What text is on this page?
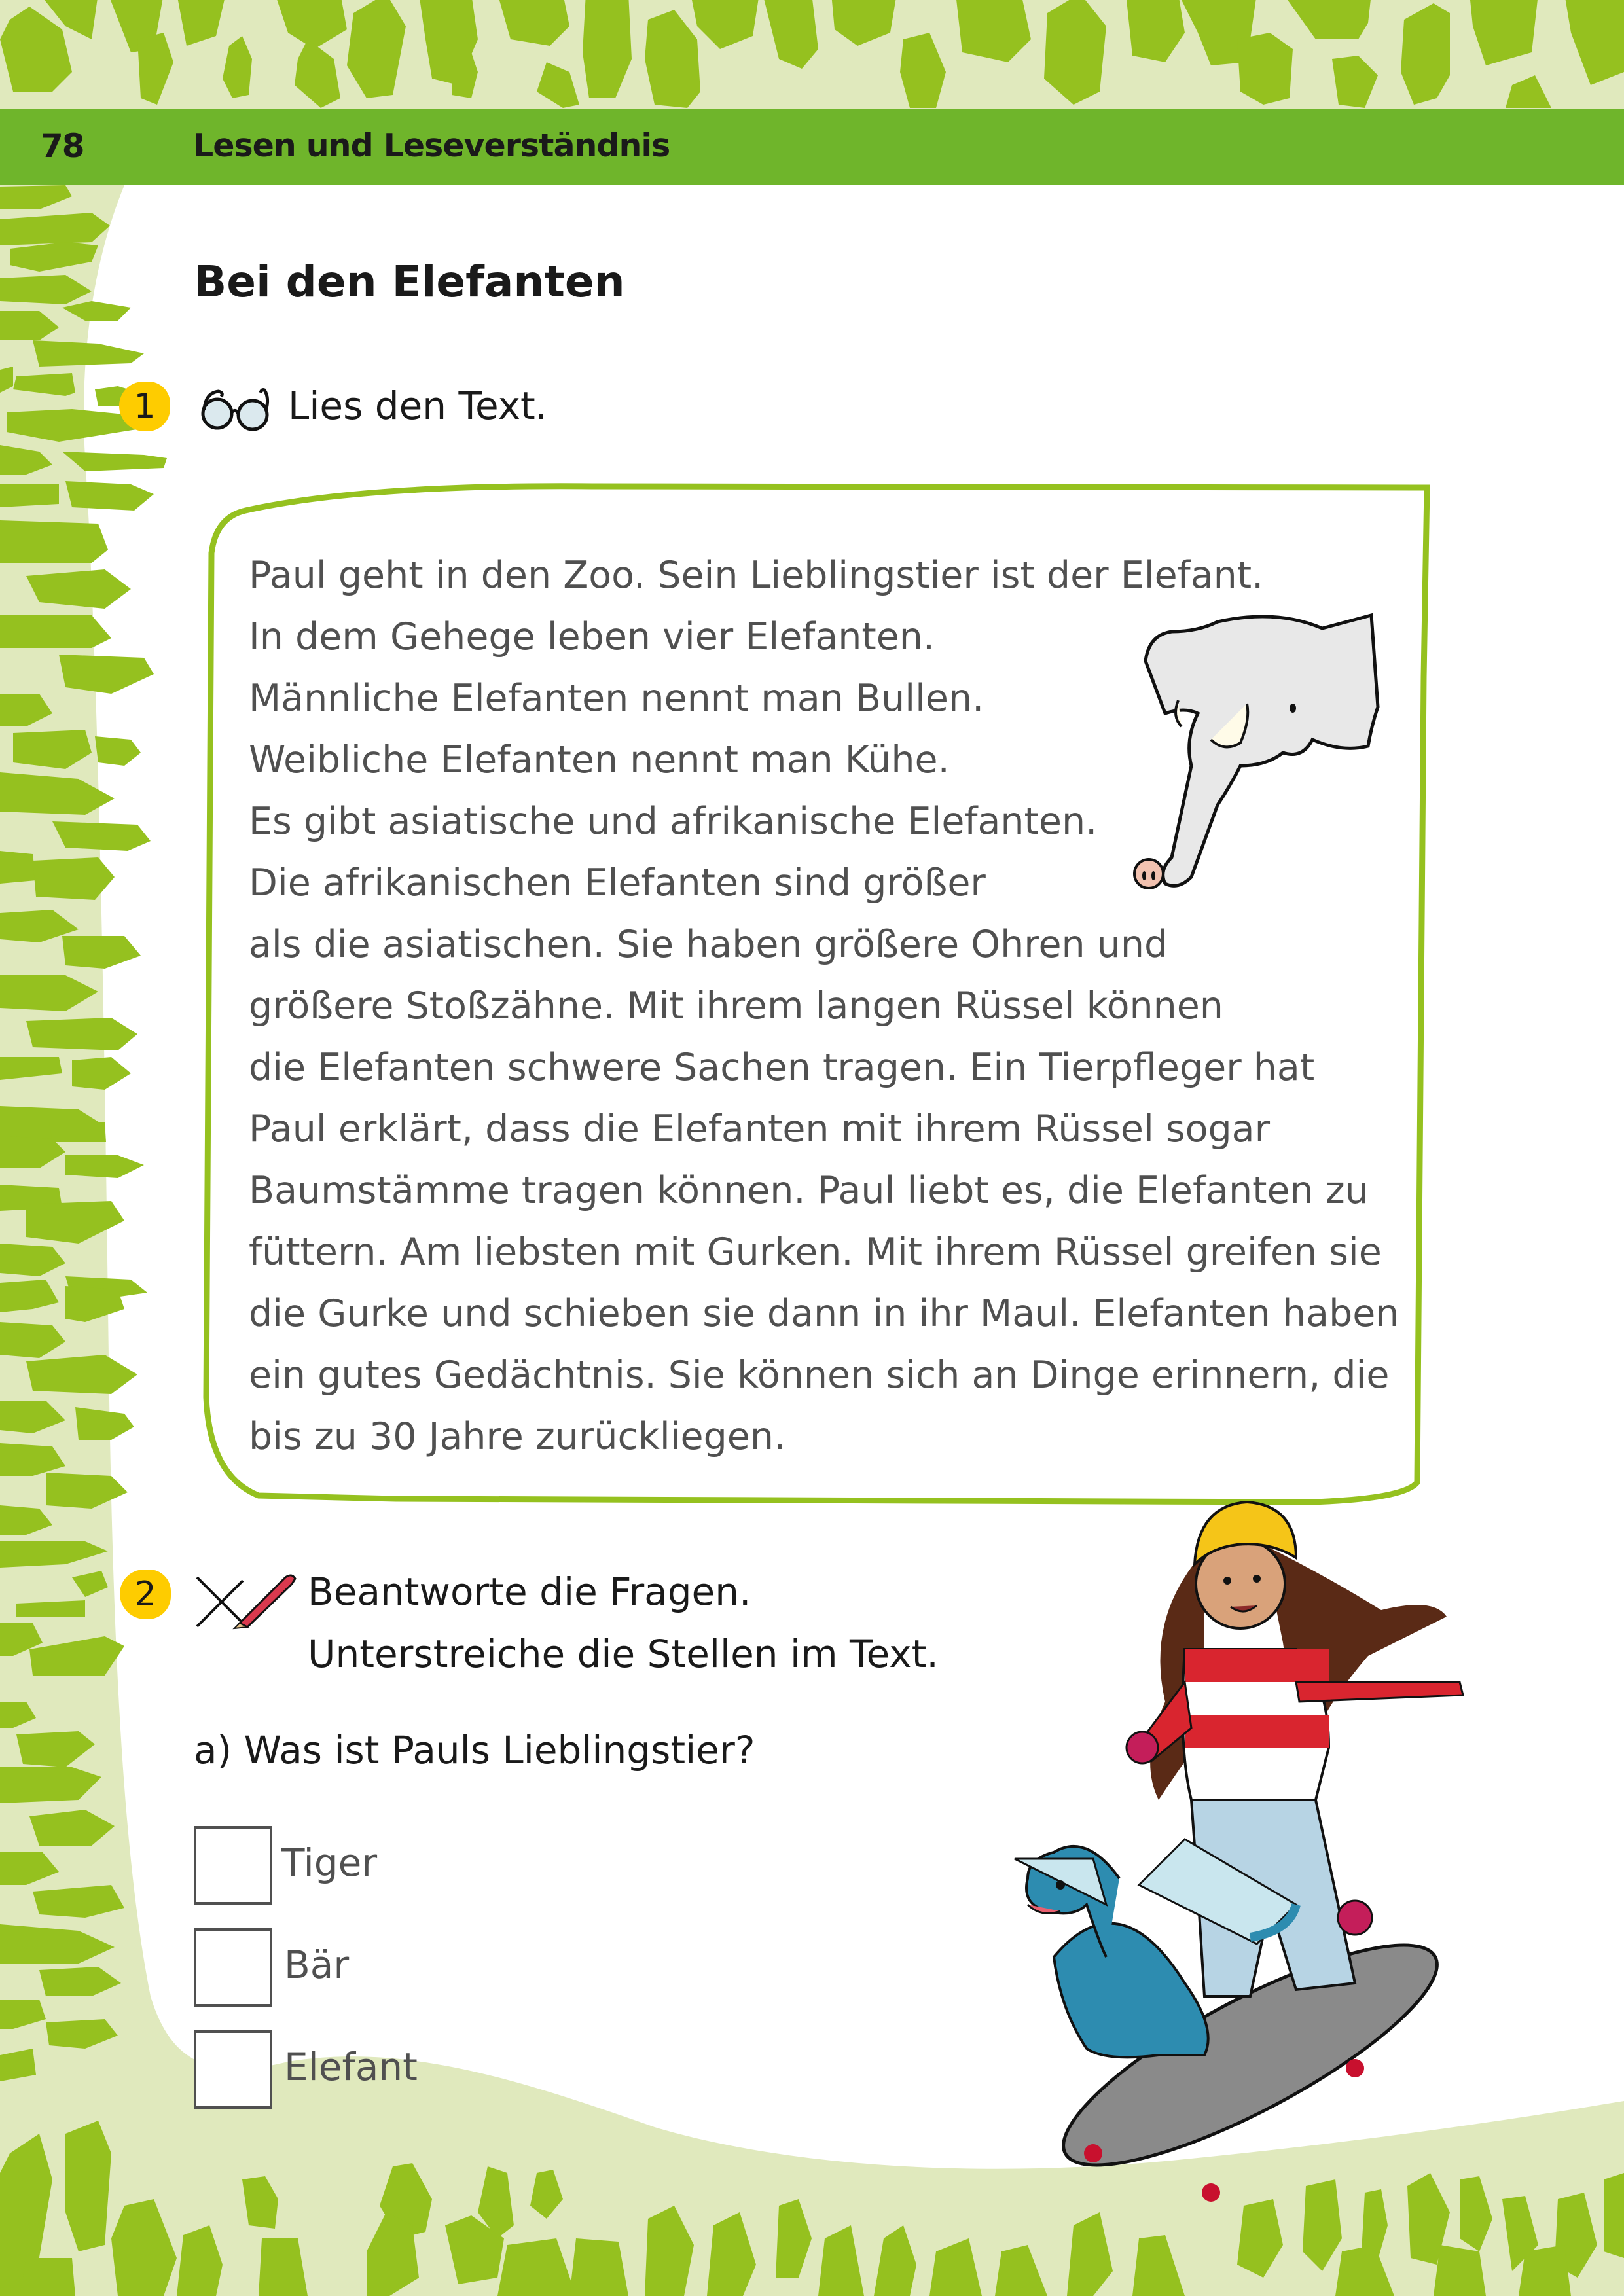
78	Lesen und Leseverständnis
Bei den Elefanten
1	Lies den Text.
Paul geht in den Zoo. Sein Lieblingstier ist der Elefant.
In dem Gehege leben vier Elefanten.
Männliche Elefanten nennt man Bullen.
Weibliche Elefanten nennt man Kühe.
Es gibt asiatische und afrikanische Elefanten.
Die afrikanischen Elefanten sind größer
als die asiatischen. Sie haben größere Ohren und
größere Stoßzähne. Mit ihrem langen Rüssel können
die Elefanten schwere Sachen tragen. Ein Tierpfleger hat
Paul erklärt, dass die Elefanten mit ihrem Rüssel sogar
Baumstämme tragen können. Paul liebt es, die Elefanten zu
füttern. Am liebsten mit Gurken. Mit ihrem Rüssel greifen sie
die Gurke und schieben sie dann in ihr Maul. Elefanten haben
ein gutes Gedächtnis. Sie können sich an Dinge erinnern, die
bis zu 30 Jahre zurückliegen.
2	Beantworte die Fragen.
Unterstreiche die Stellen im Text.
a) Was ist Pauls Lieblingstier?
Tiger
Bär
Elefant
